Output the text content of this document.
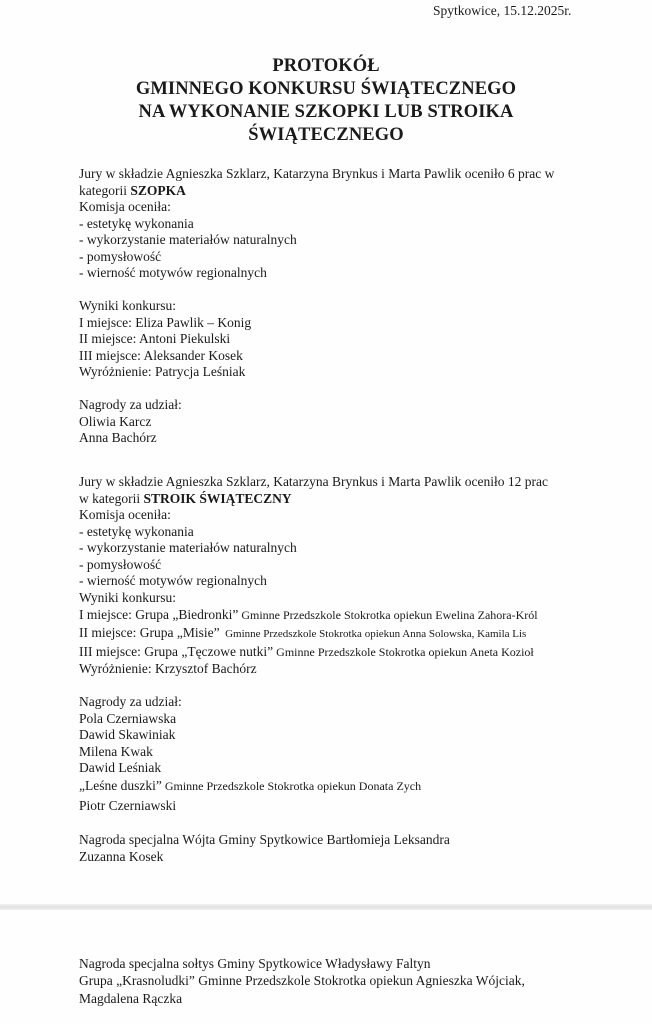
Spytkowice, 15.12.2025r.
PROTOKÓŁ
GMINNEGO KONKURSU ŚWIĄTECZNEGO
NA WYKONANIE SZKOPKI LUB STROIKA
ŚWIĄTECZNEGO
Jury w składzie Agnieszka Szklarz, Katarzyna Brynkus i Marta Pawlik oceniło 6 prac w
kategorii SZOPKA
Komisja oceniła:
- estetykę wykonania
- wykorzystanie materiałów naturalnych
- pomysłowość
- wierność motywów regionalnych
Wyniki konkursu:
I miejsce: Eliza Pawlik – Konig
II miejsce: Antoni Piekulski
III miejsce: Aleksander Kosek
Wyróżnienie: Patrycja Leśniak
Nagrody za udział:
Oliwia Karcz
Anna Bachórz
Jury w składzie Agnieszka Szklarz, Katarzyna Brynkus i Marta Pawlik oceniło 12 prac
w kategorii STROIK ŚWIĄTECZNY
Komisja oceniła:
- estetykę wykonania
- wykorzystanie materiałów naturalnych
- pomysłowość
- wierność motywów regionalnych
Wyniki konkursu:
I miejsce: Grupa „Biedronki” Gminne Przedszkole Stokrotka opiekun Ewelina Zahora-Król
II miejsce: Grupa „Misie”  Gminne Przedszkole Stokrotka opiekun Anna Solowska, Kamila Lis
III miejsce: Grupa „Tęczowe nutki” Gminne Przedszkole Stokrotka opiekun Aneta Kozioł
Wyróżnienie: Krzysztof Bachórz
Nagrody za udział:
Pola Czerniawska
Dawid Skawiniak
Milena Kwak
Dawid Leśniak
„Leśne duszki” Gminne Przedszkole Stokrotka opiekun Donata Zych
Piotr Czerniawski
Nagroda specjalna Wójta Gminy Spytkowice Bartłomieja Leksandra
Zuzanna Kosek
Nagroda specjalna sołtys Gminy Spytkowice Władysławy Faltyn
Grupa „Krasnoludki” Gminne Przedszkole Stokrotka opiekun Agnieszka Wójciak,
Magdalena Rączka
